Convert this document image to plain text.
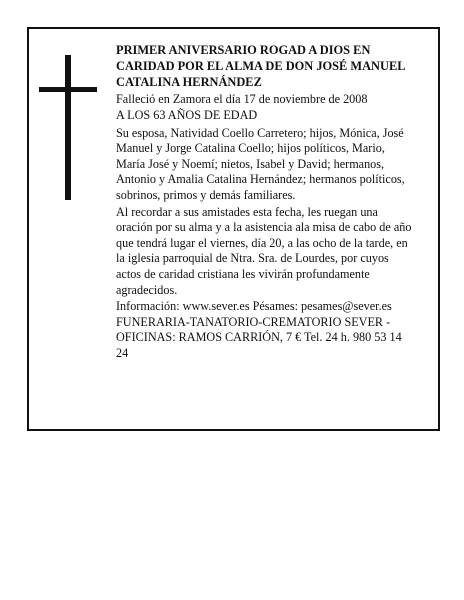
PRIMER ANIVERSARIO ROGAD A DIOS EN CARIDAD POR EL ALMA DE DON JOSÉ MANUEL CATALINA HERNÁNDEZ

Falleció en Zamora el día 17 de noviembre de 2008

A LOS 63 AÑOS DE EDAD

Su esposa, Natividad Coello Carretero; hijos, Mónica, José Manuel y Jorge Catalina Coello; hijos políticos, Mario, María José y Noemí; nietos, Isabel y David; hermanos, Antonio y Amalia Catalina Hernández; hermanos políticos, sobrinos, primos y demás familiares.

Al recordar a sus amistades esta fecha, les ruegan una oración por su alma y a la asistencia ala misa de cabo de año que tendrá lugar el viernes, día 20, a las ocho de la tarde, en la iglesia parroquial de Ntra. Sra. de Lourdes, por cuyos actos de caridad cristiana les vivirán profundamente agradecidos.

Información: www.sever.es Pésames: pesames@sever.es

FUNERARIA-TANATORIO-CREMATORIO SEVER - OFICINAS: RAMOS CARRIÓN, 7 € Tel. 24 h. 980 53 14 24
